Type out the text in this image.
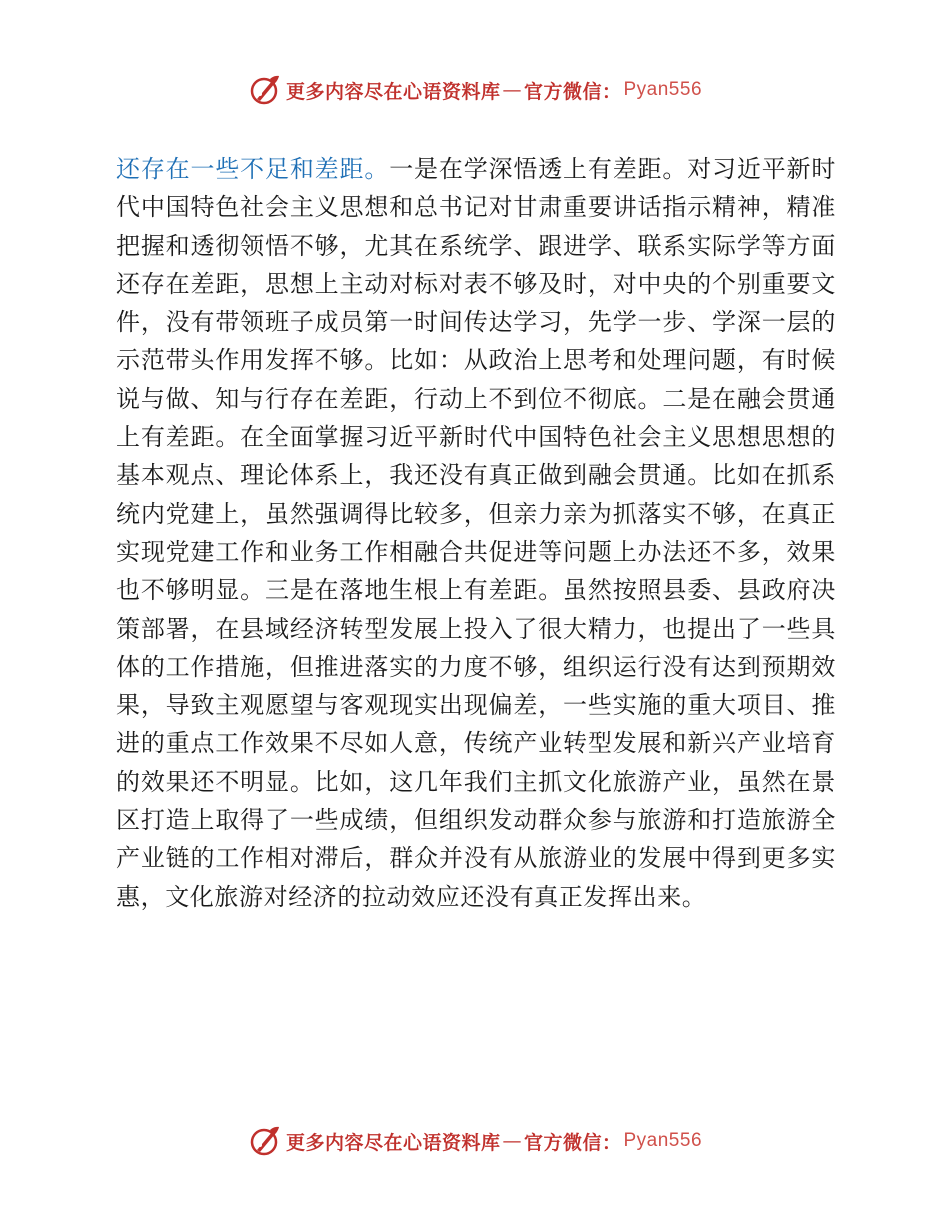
更多内容尽在心语资料库 — 官方微信： Pyan556
还存在一些不足和差距。一是在学深悟透上有差距。对习近平新时代中国特色社会主义思想和总书记对甘肃重要讲话指示精神，精准把握和透彻领悟不够，尤其在系统学、跟进学、联系实际学等方面还存在差距，思想上主动对标对表不够及时，对中央的个别重要文件，没有带领班子成员第一时间传达学习，先学一步、学深一层的示范带头作用发挥不够。比如：从政治上思考和处理问题，有时候说与做、知与行存在差距，行动上不到位不彻底。二是在融会贯通上有差距。在全面掌握习近平新时代中国特色社会主义思想思想的基本观点、理论体系上，我还没有真正做到融会贯通。比如在抓系统内党建上，虽然强调得比较多，但亲力亲为抓落实不够，在真正实现党建工作和业务工作相融合共促进等问题上办法还不多，效果也不够明显。三是在落地生根上有差距。虽然按照县委、县政府决策部署，在县域经济转型发展上投入了很大精力，也提出了一些具体的工作措施，但推进落实的力度不够，组织运行没有达到预期效果，导致主观愿望与客观现实出现偏差，一些实施的重大项目、推进的重点工作效果不尽如人意，传统产业转型发展和新兴产业培育的效果还不明显。比如，这几年我们主抓文化旅游产业，虽然在景区打造上取得了一些成绩，但组织发动群众参与旅游和打造旅游全产业链的工作相对滞后，群众并没有从旅游业的发展中得到更多实惠，文化旅游对经济的拉动效应还没有真正发挥出来。
更多内容尽在心语资料库 — 官方微信： Pyan556
